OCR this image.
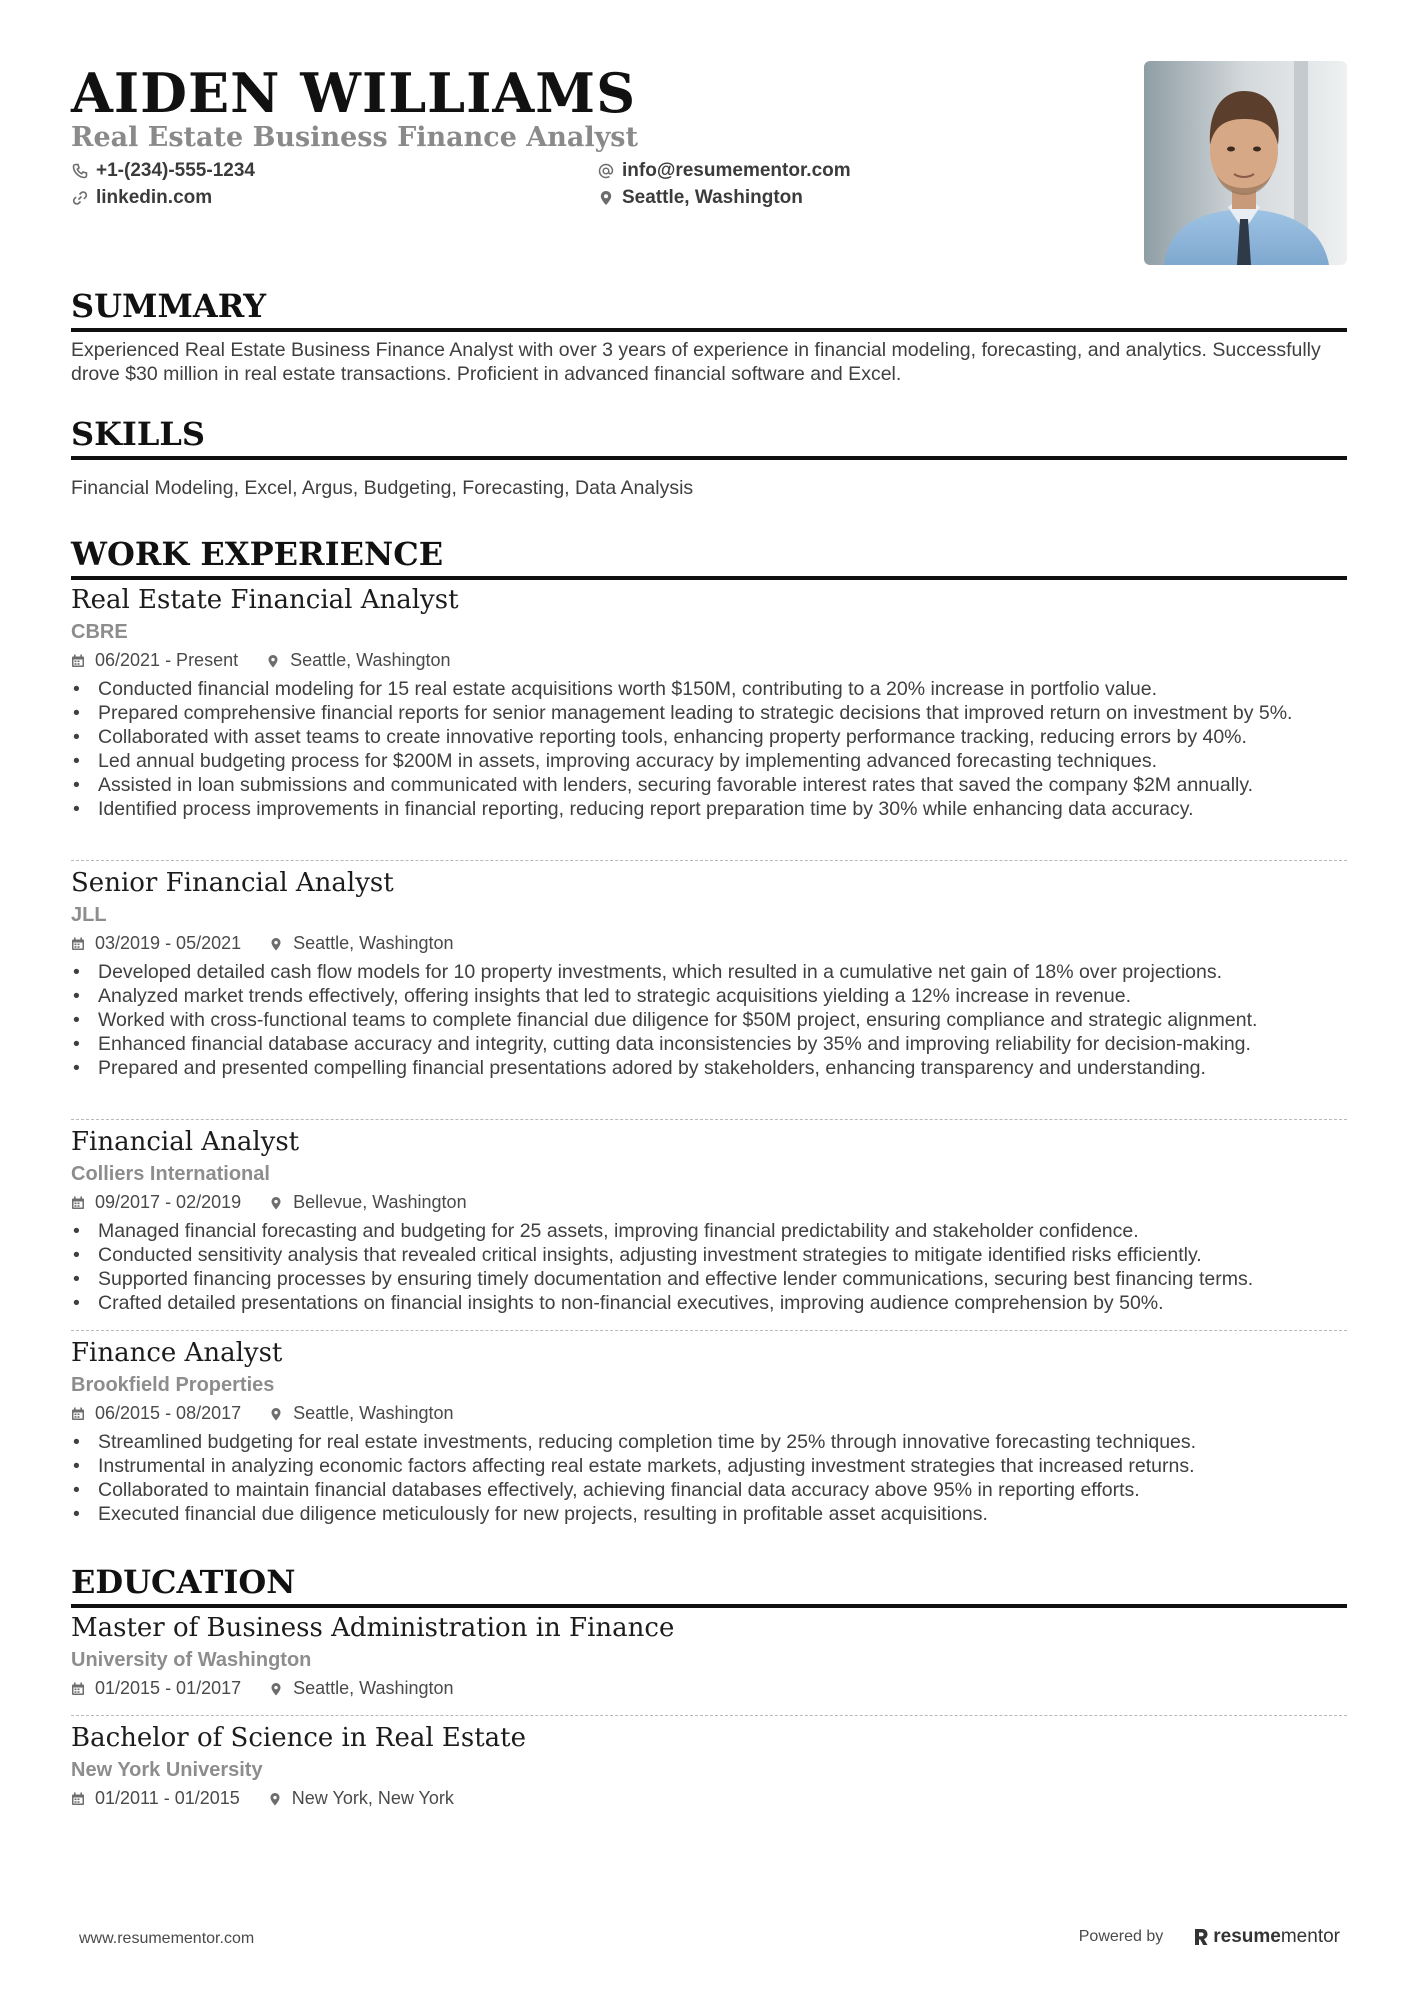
AIDEN WILLIAMS
Real Estate Business Finance Analyst
+1-(234)-555-1234
linkedin.com
info@resumementor.com
Seattle, Washington
SUMMARY
Experienced Real Estate Business Finance Analyst with over 3 years of experience in financial modeling, forecasting, and analytics. Successfully drove $30 million in real estate transactions. Proficient in advanced financial software and Excel.
SKILLS
Financial Modeling, Excel, Argus, Budgeting, Forecasting, Data Analysis
WORK EXPERIENCE
Real Estate Financial Analyst
CBRE
06/2021 - Present	Seattle, Washington
• Conducted financial modeling for 15 real estate acquisitions worth $150M, contributing to a 20% increase in portfolio value.
• Prepared comprehensive financial reports for senior management leading to strategic decisions that improved return on investment by 5%.
• Collaborated with asset teams to create innovative reporting tools, enhancing property performance tracking, reducing errors by 40%.
• Led annual budgeting process for $200M in assets, improving accuracy by implementing advanced forecasting techniques.
• Assisted in loan submissions and communicated with lenders, securing favorable interest rates that saved the company $2M annually.
• Identified process improvements in financial reporting, reducing report preparation time by 30% while enhancing data accuracy.
Senior Financial Analyst
JLL
03/2019 - 05/2021	Seattle, Washington
• Developed detailed cash flow models for 10 property investments, which resulted in a cumulative net gain of 18% over projections.
• Analyzed market trends effectively, offering insights that led to strategic acquisitions yielding a 12% increase in revenue.
• Worked with cross-functional teams to complete financial due diligence for $50M project, ensuring compliance and strategic alignment.
• Enhanced financial database accuracy and integrity, cutting data inconsistencies by 35% and improving reliability for decision-making.
• Prepared and presented compelling financial presentations adored by stakeholders, enhancing transparency and understanding.
Financial Analyst
Colliers International
09/2017 - 02/2019	Bellevue, Washington
• Managed financial forecasting and budgeting for 25 assets, improving financial predictability and stakeholder confidence.
• Conducted sensitivity analysis that revealed critical insights, adjusting investment strategies to mitigate identified risks efficiently.
• Supported financing processes by ensuring timely documentation and effective lender communications, securing best financing terms.
• Crafted detailed presentations on financial insights to non-financial executives, improving audience comprehension by 50%.
Finance Analyst
Brookfield Properties
06/2015 - 08/2017	Seattle, Washington
• Streamlined budgeting for real estate investments, reducing completion time by 25% through innovative forecasting techniques.
• Instrumental in analyzing economic factors affecting real estate markets, adjusting investment strategies that increased returns.
• Collaborated to maintain financial databases effectively, achieving financial data accuracy above 95% in reporting efforts.
• Executed financial due diligence meticulously for new projects, resulting in profitable asset acquisitions.
EDUCATION
Master of Business Administration in Finance
University of Washington
01/2015 - 01/2017	Seattle, Washington
Bachelor of Science in Real Estate
New York University
01/2011 - 01/2015	New York, New York
www.resumementor.com	Powered by	resume mentor
